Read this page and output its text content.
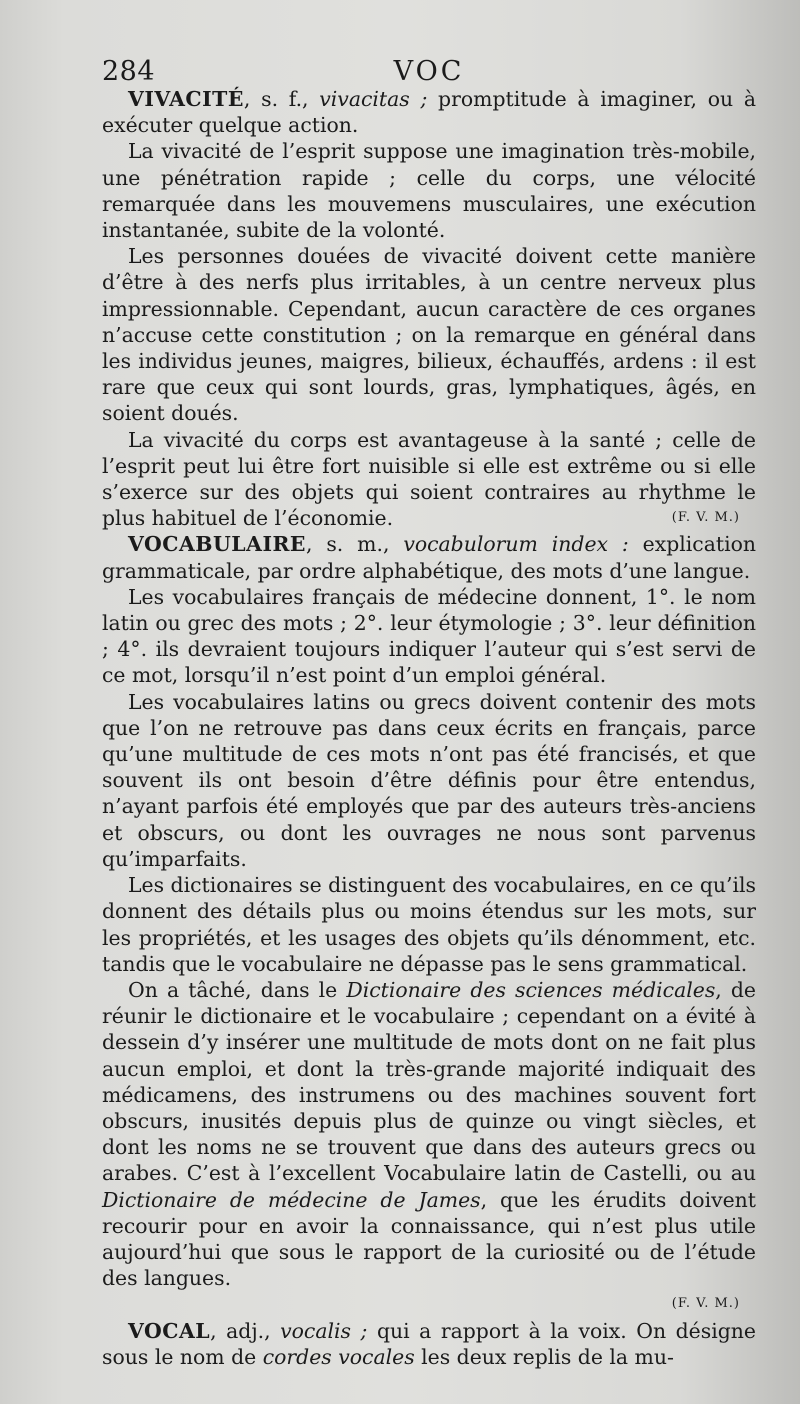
284	VOC

VIVACITÉ, s. f., vivacitas ; promptitude à imaginer, ou à exécuter quelque action.

La vivacité de l’esprit suppose une imagination très-mobile, une pénétration rapide ; celle du corps, une vélocité remarquée dans les mouvemens musculaires, une exécution instantanée, subite de la volonté.

Les personnes douées de vivacité doivent cette manière d’être à des nerfs plus irritables, à un centre nerveux plus impressionnable. Cependant, aucun caractère de ces organes n’accuse cette constitution ; on la remarque en général dans les individus jeunes, maigres, bilieux, échauffés, ardens : il est rare que ceux qui sont lourds, gras, lymphatiques, âgés, en soient doués.

La vivacité du corps est avantageuse à la santé ; celle de l’esprit peut lui être fort nuisible si elle est extrême ou si elle s’exerce sur des objets qui soient contraires au rhythme le plus habituel de l’économie.	(F. V. M.)

VOCABULAIRE, s. m., vocabulorum index : explication grammaticale, par ordre alphabétique, des mots d’une langue.

Les vocabulaires français de médecine donnent, 1°. le nom latin ou grec des mots ; 2°. leur étymologie ; 3°. leur définition ; 4°. ils devraient toujours indiquer l’auteur qui s’est servi de ce mot, lorsqu’il n’est point d’un emploi général.

Les vocabulaires latins ou grecs doivent contenir des mots que l’on ne retrouve pas dans ceux écrits en français, parce qu’une multitude de ces mots n’ont pas été francisés, et que souvent ils ont besoin d’être définis pour être entendus, n’ayant parfois été employés que par des auteurs très-anciens et obscurs, ou dont les ouvrages ne nous sont parvenus qu’imparfaits.

Les dictionaires se distinguent des vocabulaires, en ce qu’ils donnent des détails plus ou moins étendus sur les mots, sur les propriétés, et les usages des objets qu’ils dénomment, etc. tandis que le vocabulaire ne dépasse pas le sens grammatical.

On a tâché, dans le Dictionaire des sciences médicales, de réunir le dictionaire et le vocabulaire ; cependant on a évité à dessein d’y insérer une multitude de mots dont on ne fait plus aucun emploi, et dont la très-grande majorité indiquait des médicamens, des instrumens ou des machines souvent fort obscurs, inusités depuis plus de quinze ou vingt siècles, et dont les noms ne se trouvent que dans des auteurs grecs ou arabes. C’est à l’excellent Vocabulaire latin de Castelli, ou au Dictionaire de médecine de James, que les érudits doivent recourir pour en avoir la connaissance, qui n’est plus utile aujourd’hui que sous le rapport de la curiosité ou de l’étude des langues.

(F. V. M.)

VOCAL, adj., vocalis ; qui a rapport à la voix. On désigne sous le nom de cordes vocales les deux replis de la mu-
